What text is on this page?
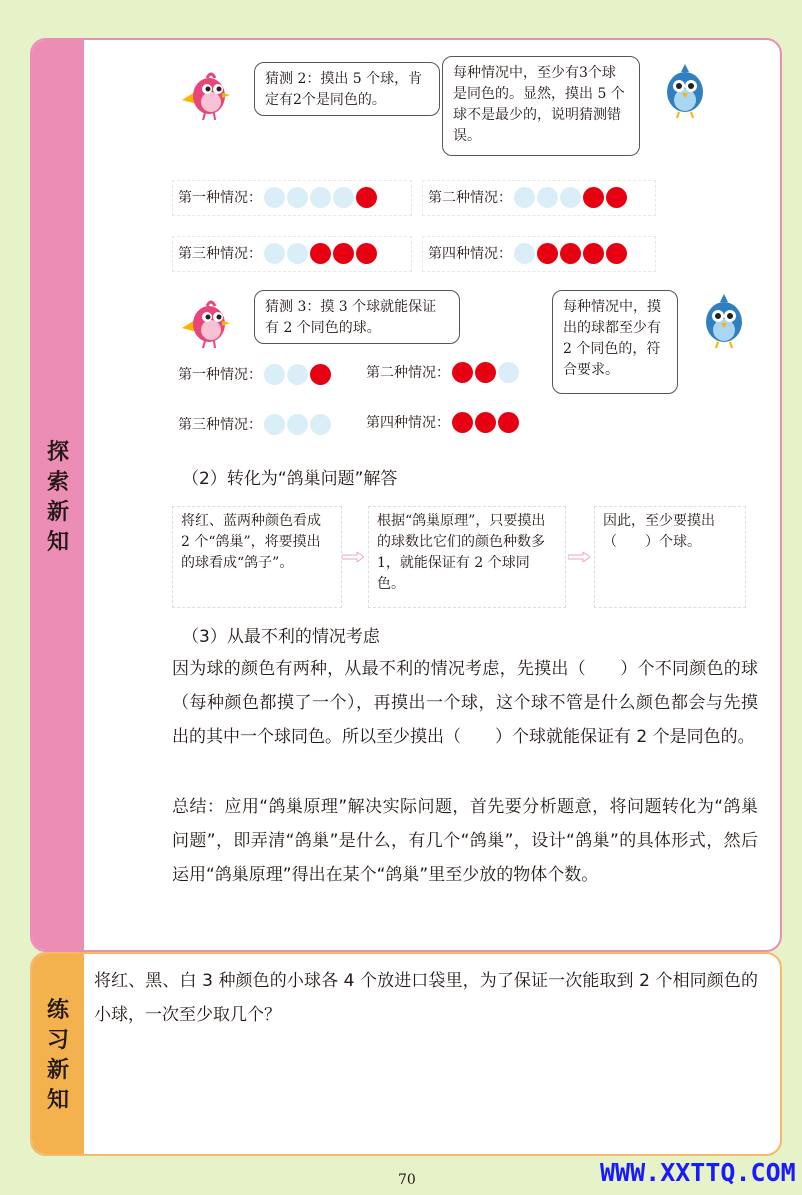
探
索
新
知
猜测 2：摸出 5 个球，肯定有2个是同色的。
每种情况中，至少有3个球是同色的。显然，摸出 5 个球不是最少的，说明猜测错误。
第一种情况：	第二种情况：
第三种情况：	第四种情况：
猜测 3：摸 3 个球就能保证有 2 个同色的球。
每种情况中，摸出的球都至少有 2 个同色的，符合要求。
第一种情况：	第二种情况：
第三种情况：	第四种情况：
（2）转化为“鸽巢问题”解答
将红、蓝两种颜色看成 2 个“鸽巢”，将要摸出的球看成“鸽子”。
根据“鸽巢原理”，只要摸出的球数比它们的颜色种数多 1，就能保证有 2 个球同色。
因此，至少要摸出（　　）个球。
（3）从最不利的情况考虑
因为球的颜色有两种，从最不利的情况考虑，先摸出（　　）个不同颜色的球（每种颜色都摸了一个），再摸出一个球，这个球不管是什么颜色都会与先摸出的其中一个球同色。所以至少摸出（　　）个球就能保证有 2 个是同色的。
总结：应用“鸽巢原理”解决实际问题，首先要分析题意，将问题转化为“鸽巢问题”，即弄清“鸽巢”是什么，有几个“鸽巢”，设计“鸽巢”的具体形式，然后运用“鸽巢原理”得出在某个“鸽巢”里至少放的物体个数。
练
习
新
知
将红、黑、白 3 种颜色的小球各 4 个放进口袋里，为了保证一次能取到 2 个相同颜色的小球，一次至少取几个？
70	WWW.XXTTQ.COM
